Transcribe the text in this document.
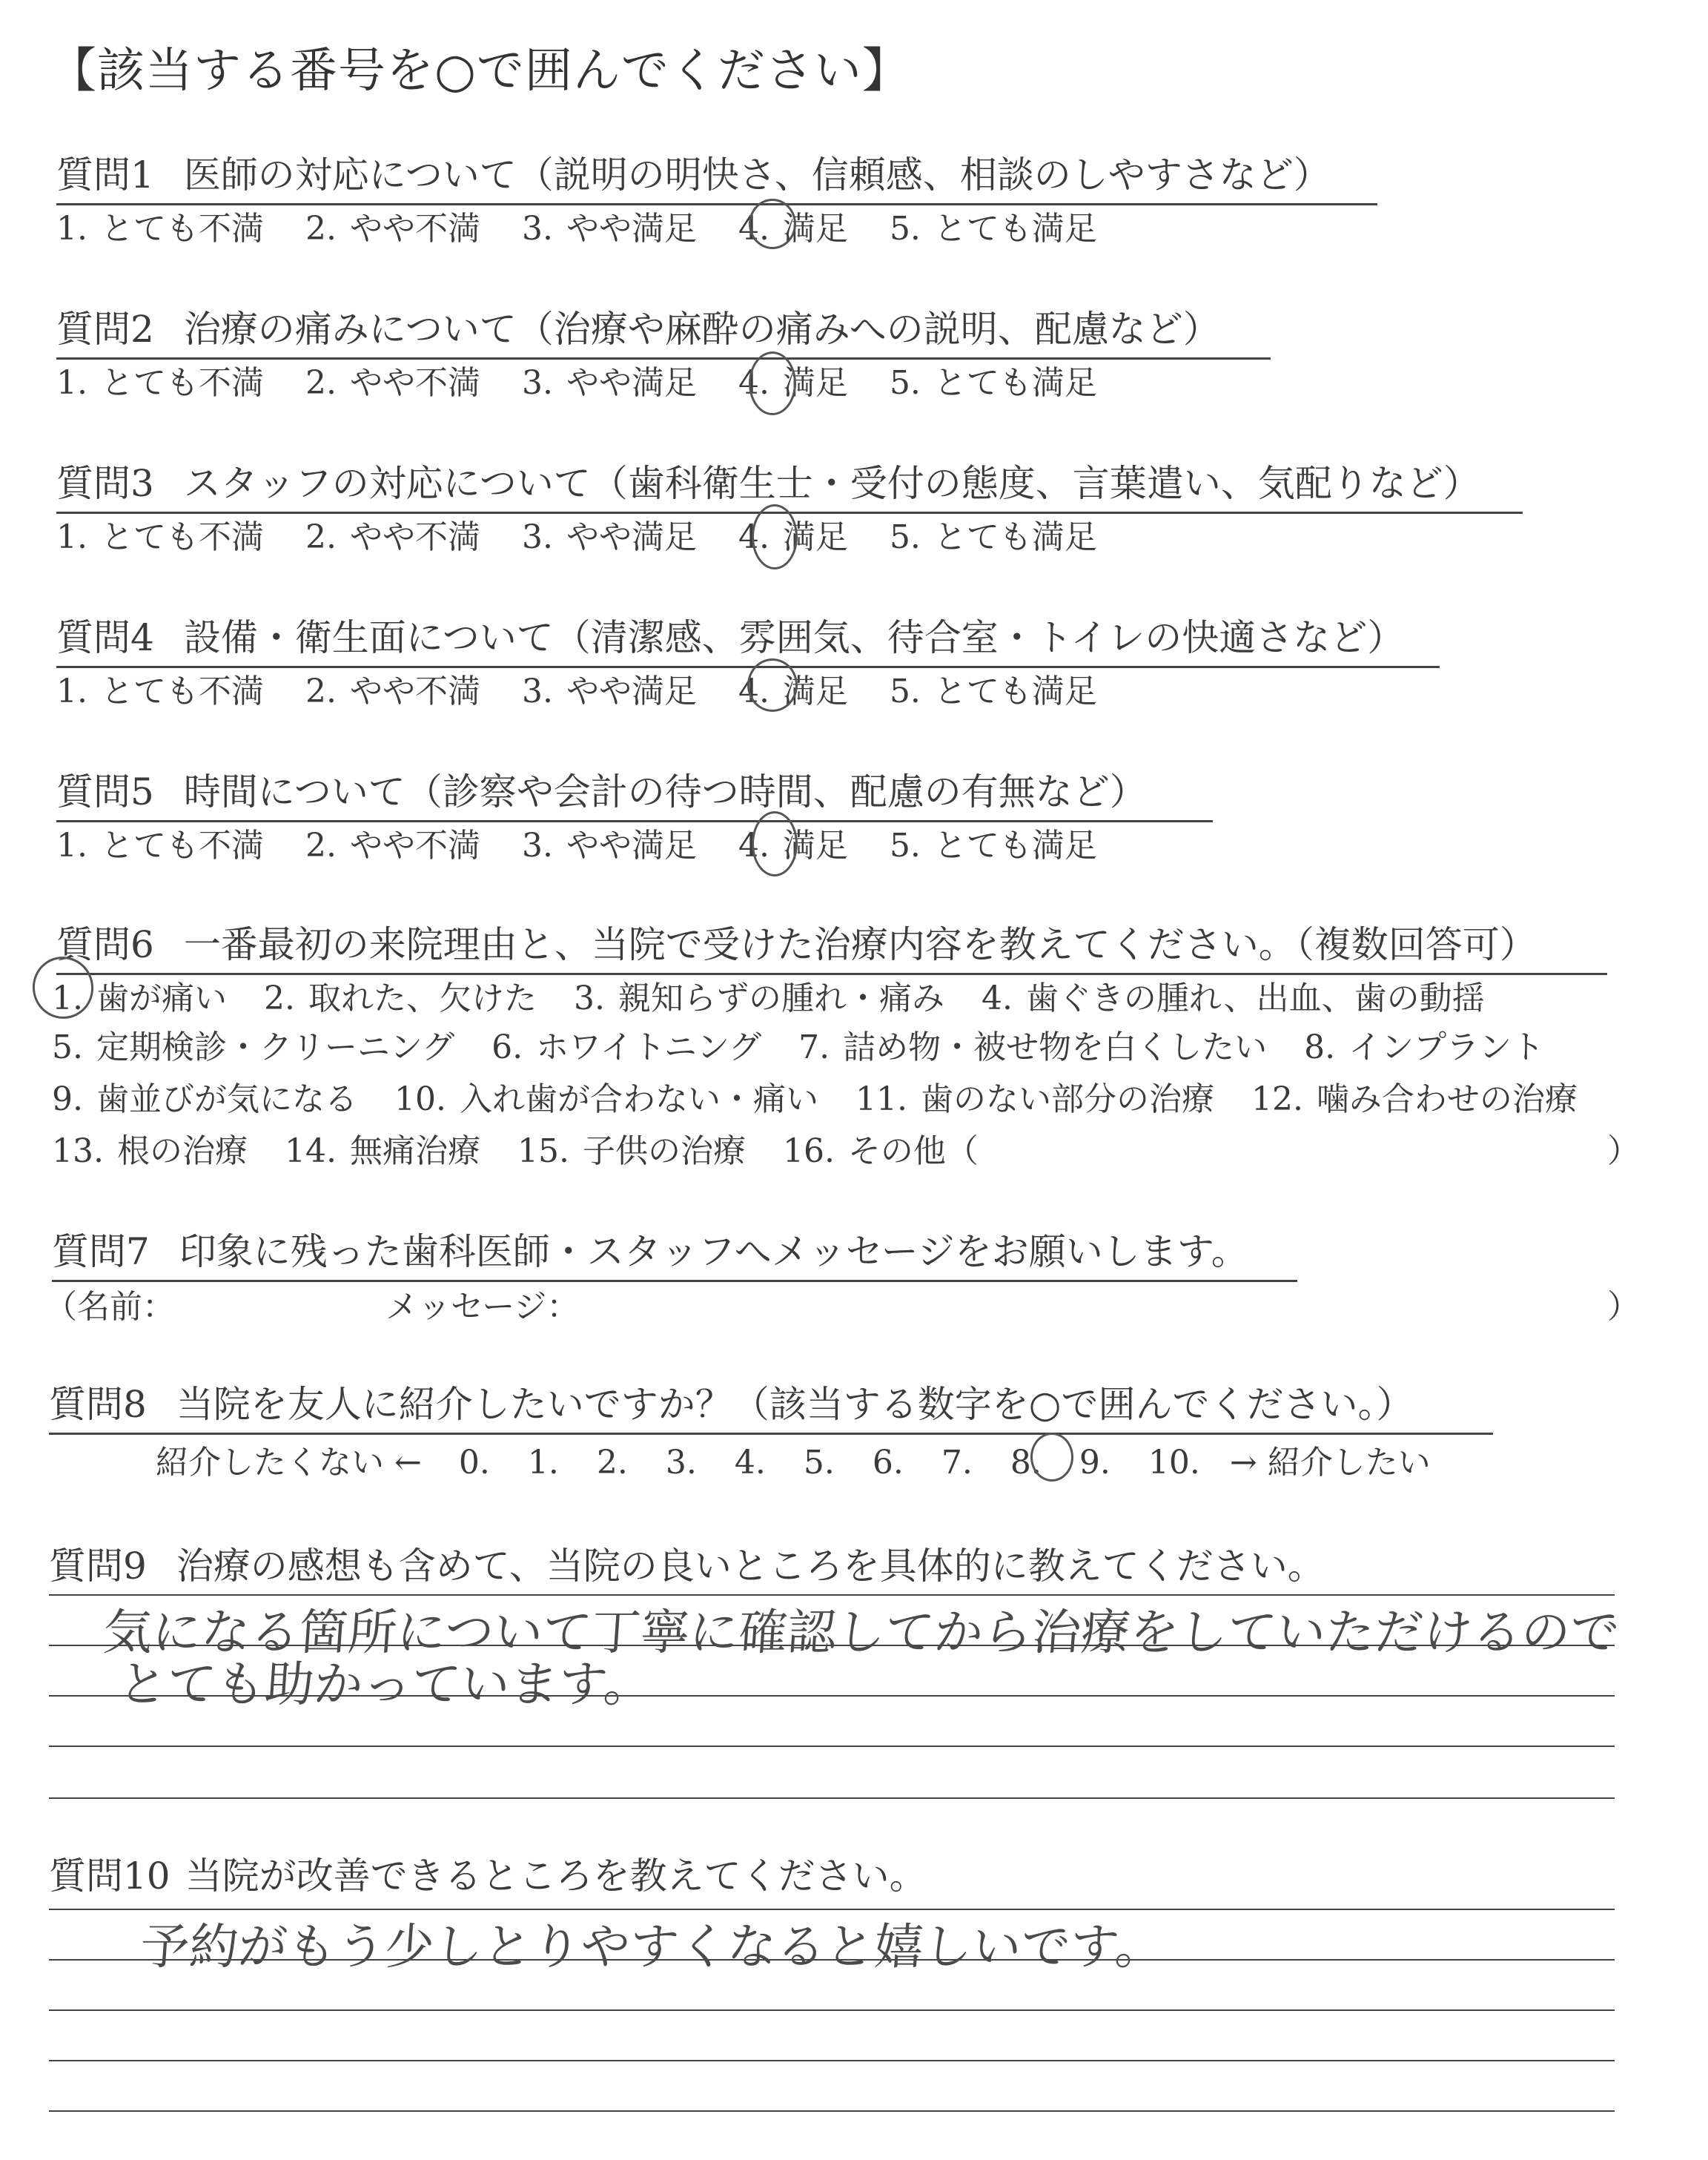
【該当する番号を○で囲んでください】
質問1 医師の対応について（説明の明快さ、信頼感、相談のしやすさなど）
1. とても不満 2. やや不満 3. やや満足 4. 満足 5. とても満足
質問2 治療の痛みについて（治療や麻酔の痛みへの説明、配慮など）
1. とても不満 2. やや不満 3. やや満足 4. 満足 5. とても満足
質問3 スタッフの対応について（歯科衛生士・受付の態度、言葉遣い、気配りなど）
1. とても不満 2. やや不満 3. やや満足 4. 満足 5. とても満足
質問4 設備・衛生面について（清潔感、雰囲気、待合室・トイレの快適さなど）
1. とても不満 2. やや不満 3. やや満足 4. 満足 5. とても満足
質問5 時間について（診察や会計の待つ時間、配慮の有無など）
1. とても不満 2. やや不満 3. やや満足 4. 満足 5. とても満足
質問6 一番最初の来院理由と、当院で受けた治療内容を教えてください。（複数回答可）
1. 歯が痛い 2. 取れた、欠けた 3. 親知らずの腫れ・痛み 4. 歯ぐきの腫れ、出血、歯の動揺
5. 定期検診・クリーニング 6. ホワイトニング 7. 詰め物・被せ物を白くしたい 8. インプラント
9. 歯並びが気になる 10. 入れ歯が合わない・痛い 11. 歯のない部分の治療 12. 噛み合わせの治療
13. 根の治療 14. 無痛治療 15. 子供の治療 16. その他（	）
質問7 印象に残った歯科医師・スタッフへメッセージをお願いします。
（名前：	メッセージ：	）
質問8 当院を友人に紹介したいですか？（該当する数字を○で囲んでください。）
紹介したくない ← 0. 1. 2. 3. 4. 5. 6. 7. 8. 9. 10. → 紹介したい
質問9 治療の感想も含めて、当院の良いところを具体的に教えてください。
気になる箇所について丁寧に確認してから治療をしていただけるので
とても助かっています。
質問10 当院が改善できるところを教えてください。
予約がもう少しとりやすくなると嬉しいです。
